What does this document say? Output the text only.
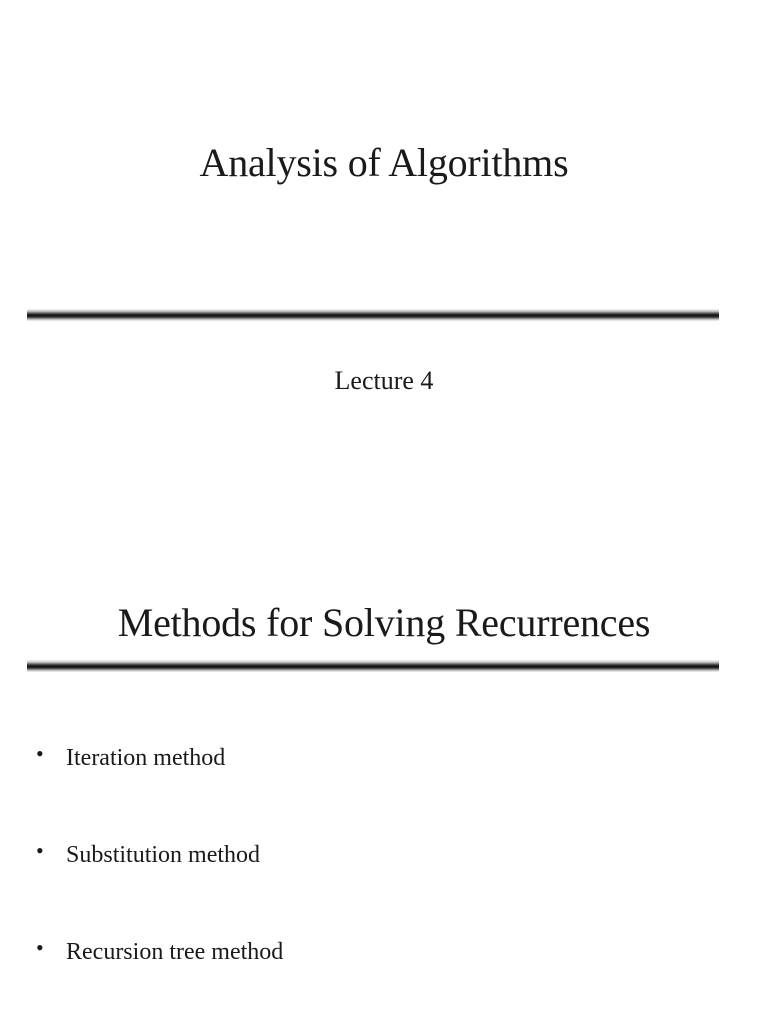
Analysis of Algorithms
Lecture 4
Methods for Solving Recurrences
• Iteration method
• Substitution method
• Recursion tree method
